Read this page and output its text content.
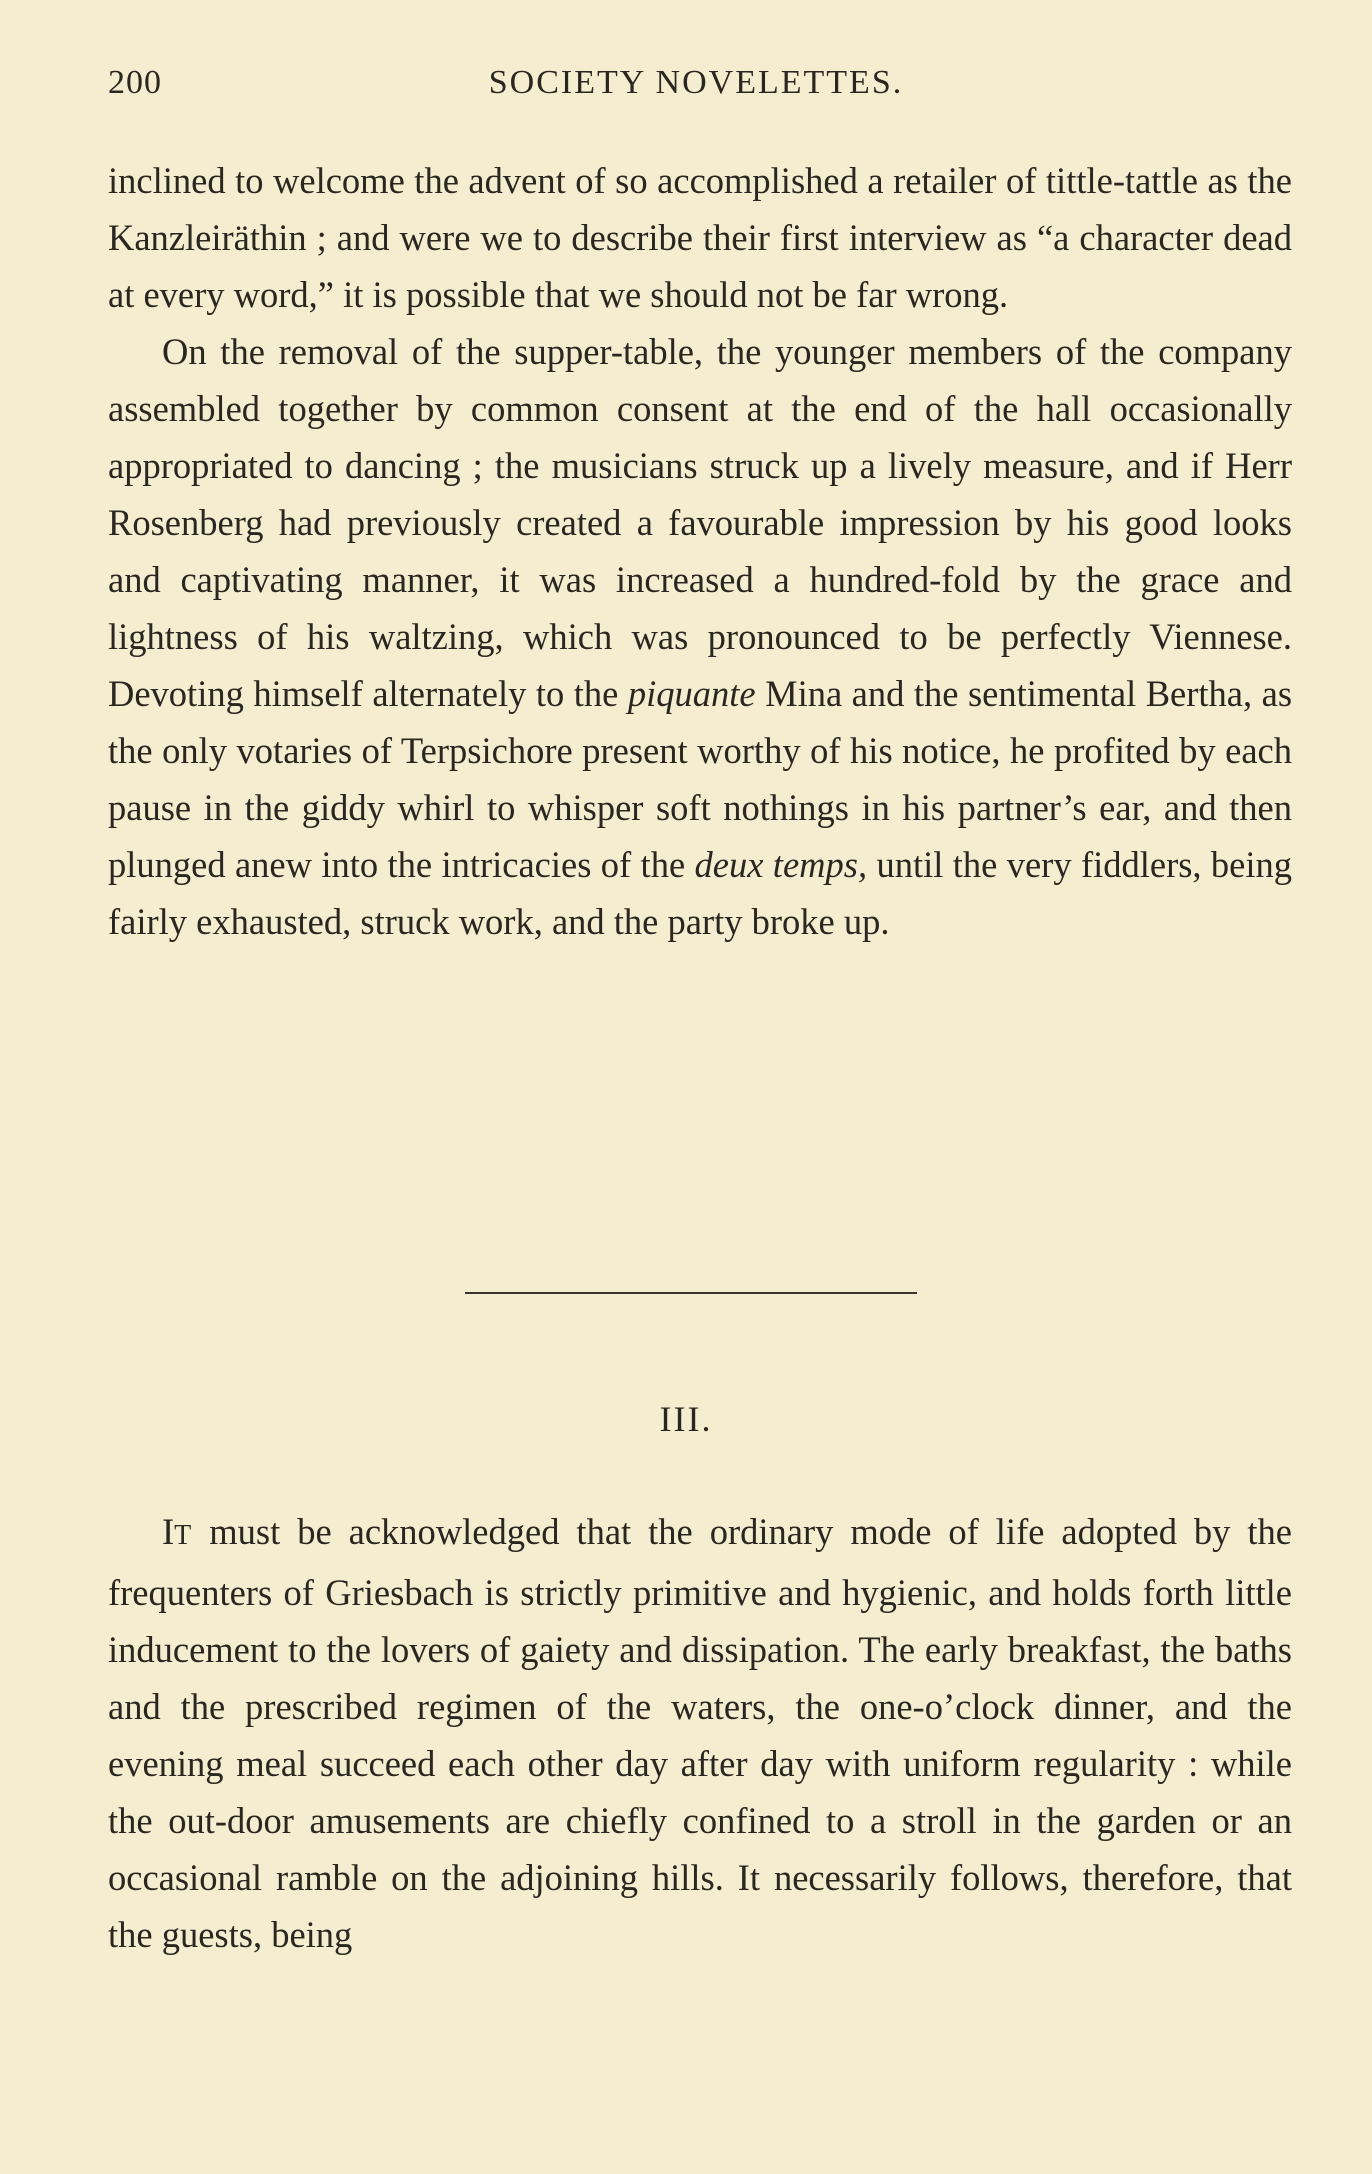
200	SOCIETY NOVELETTES.

inclined to welcome the advent of so accomplished a retailer of tittle-tattle as the Kanzleiräthin ; and were we to describe their first interview as “a character dead at every word,” it is possible that we should not be far wrong.

On the removal of the supper-table, the younger members of the company assembled together by common consent at the end of the hall occasionally appropriated to dancing ; the musicians struck up a lively measure, and if Herr Rosenberg had previously created a favourable impression by his good looks and captivating manner, it was increased a hundred-fold by the grace and lightness of his waltzing, which was pronounced to be perfectly Viennese. Devoting himself alternately to the piquante Mina and the sentimental Bertha, as the only votaries of Terpsichore present worthy of his notice, he profited by each pause in the giddy whirl to whisper soft nothings in his partner’s ear, and then plunged anew into the intricacies of the deux temps, until the very fiddlers, being fairly exhausted, struck work, and the party broke up.

III.

IT must be acknowledged that the ordinary mode of life adopted by the frequenters of Griesbach is strictly primitive and hygienic, and holds forth little inducement to the lovers of gaiety and dissipation. The early breakfast, the baths and the prescribed regimen of the waters, the one-o’clock dinner, and the evening meal succeed each other day after day with uniform regularity : while the out-door amusements are chiefly confined to a stroll in the garden or an occasional ramble on the adjoining hills. It necessarily follows, therefore, that the guests, being
